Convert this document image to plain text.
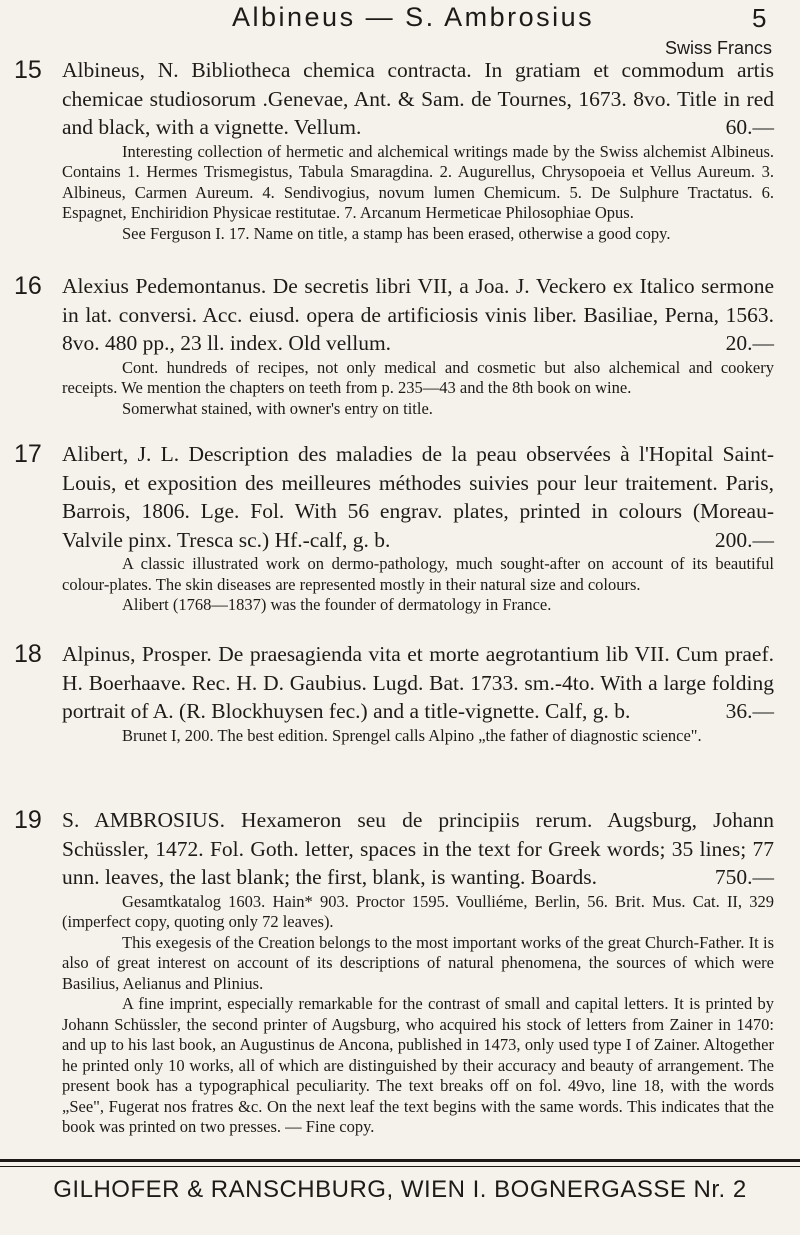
Albineus — S. Ambrosius	5
Swiss Francs
15 Albineus, N. Bibliotheca chemica contracta. In gratiam et commodum artis chemicae studiosorum .Genevae, Ant. & Sam. de Tournes, 1673. 8vo. Title in red and black, with a vignette. Vellum.	60.—

Interesting collection of hermetic and alchemical writings made by the Swiss alchemist Albineus. Contains 1. Hermes Trismegistus, Tabula Smaragdina. 2. Augurellus, Chrysopoeia et Vellus Aureum. 3. Albineus, Carmen Aureum. 4. Sendivogius, novum lumen Chemicum. 5. De Sulphure Tractatus. 6. Espagnet, Enchiridion Physicae restitutae. 7. Arcanum Hermeticae Philosophiae Opus.

See Ferguson I. 17. Name on title, a stamp has been erased, otherwise a good copy.

16 Alexius Pedemontanus. De secretis libri VII, a Joa. J. Veckero ex Italico sermone in lat. conversi. Acc. eiusd. opera de artificiosis vinis liber. Basiliae, Perna, 1563. 8vo. 480 pp., 23 ll. index. Old vellum.	20.—

Cont. hundreds of recipes, not only medical and cosmetic but also alchemical and cookery receipts. We mention the chapters on teeth from p. 235—43 and the 8th book on wine.

Somerwhat stained, with owner's entry on title.

17 Alibert, J. L. Description des maladies de la peau observées à l'Hopital Saint-Louis, et exposition des meilleures méthodes suivies pour leur traitement. Paris, Barrois, 1806. Lge. Fol. With 56 engrav. plates, printed in colours (Moreau-Valvile pinx. Tresca sc.) Hf.-calf, g. b.	200.—

A classic illustrated work on dermo-pathology, much sought-after on account of its beautiful colour-plates. The skin diseases are represented mostly in their natural size and colours.

Alibert (1768—1837) was the founder of dermatology in France.

18 Alpinus, Prosper. De praesagienda vita et morte aegrotantium lib VII. Cum praef. H. Boerhaave. Rec. H. D. Gaubius. Lugd. Bat. 1733. sm.-4to. With a large folding portrait of A. (R. Blockhuysen fec.) and a title-vignette. Calf, g. b.	36.—

Brunet I, 200. The best edition. Sprengel calls Alpino „the father of diagnostic science".

19 S. AMBROSIUS. Hexameron seu de principiis rerum. Augsburg, Johann Schüssler, 1472. Fol. Goth. letter, spaces in the text for Greek words; 35 lines; 77 unn. leaves, the last blank; the first, blank, is wanting. Boards.	750.—

Gesamtkatalog 1603. Hain* 903. Proctor 1595. Voulliéme, Berlin, 56. Brit. Mus. Cat. II, 329 (imperfect copy, quoting only 72 leaves).

This exegesis of the Creation belongs to the most important works of the great Church-Father. It is also of great interest on account of its descriptions of natural phenomena, the sources of which were Basilius, Aelianus and Plinius.

A fine imprint, especially remarkable for the contrast of small and capital letters. It is printed by Johann Schüssler, the second printer of Augsburg, who acquired his stock of letters from Zainer in 1470: and up to his last book, an Augustinus de Ancona, published in 1473, only used type I of Zainer. Altogether he printed only 10 works, all of which are distinguished by their accuracy and beauty of arrangement. The present book has a typographical peculiarity. The text breaks off on fol. 49vo, line 18, with the words „See", Fugerat nos fratres &c. On the next leaf the text begins with the same words. This indicates that the book was printed on two presses. — Fine copy.

GILHOFER & RANSCHBURG, WIEN I. BOGNERGASSE Nr. 2
